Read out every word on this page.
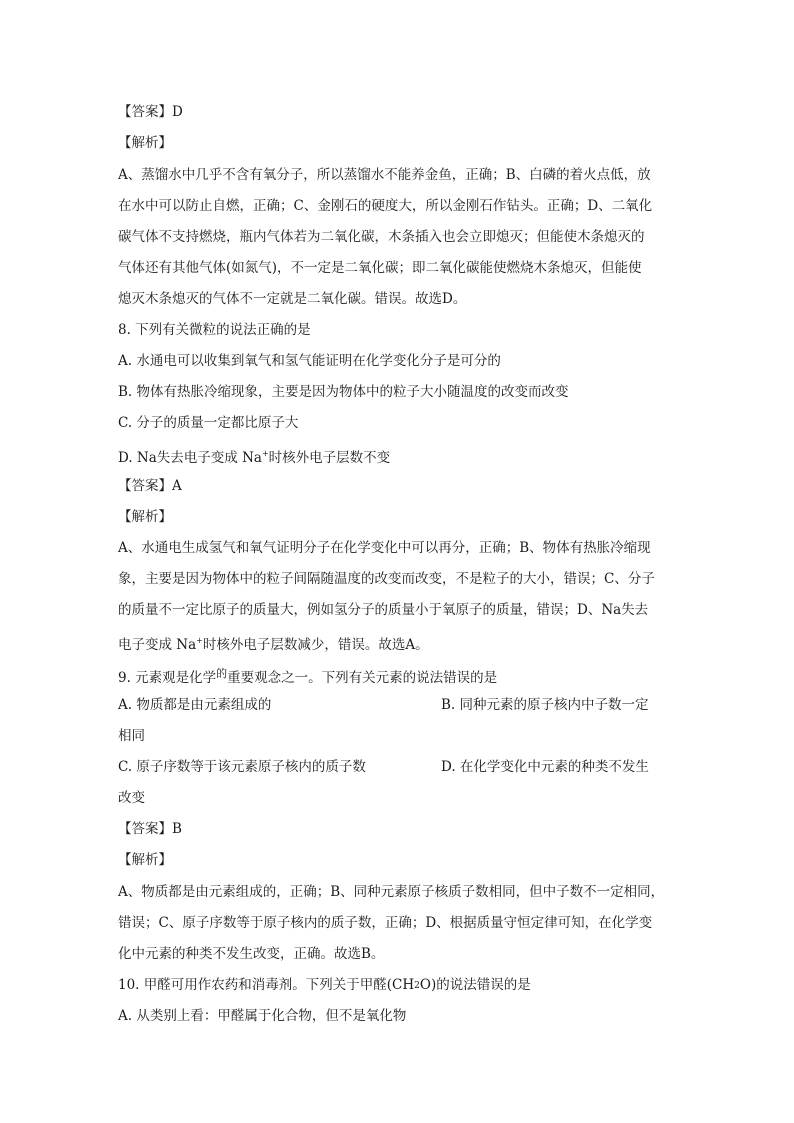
【答案】D
【解析】
A、蒸馏水中几乎不含有氧分子，所以蒸馏水不能养金鱼，正确；B、白磷的着火点低，放
在水中可以防止自燃，正确；C、金刚石的硬度大，所以金刚石作钻头。正确；D、二氧化
碳气体不支持燃烧，瓶内气体若为二氧化碳，木条插入也会立即熄灭；但能使木条熄灭的
气体还有其他气体(如氮气)，不一定是二氧化碳；即二氧化碳能使燃烧木条熄灭，但能使
熄灭木条熄灭的气体不一定就是二氧化碳。错误。故选D。
8. 下列有关微粒的说法正确的是
A. 水通电可以收集到氧气和氢气能证明在化学变化分子是可分的
B. 物体有热胀冷缩现象，主要是因为物体中的粒子大小随温度的改变而改变
C. 分子的质量一定都比原子大
D. Na失去电子变成 Na+时核外电子层数不变
【答案】A
【解析】
A、水通电生成氢气和氧气证明分子在化学变化中可以再分，正确；B、物体有热胀冷缩现
象，主要是因为物体中的粒子间隔随温度的改变而改变，不是粒子的大小，错误；C、分子
的质量不一定比原子的质量大，例如氢分子的质量小于氧原子的质量，错误；D、Na失去
电子变成 Na+时核外电子层数减少，错误。故选A。
9. 元素观是化学$^的$重要观念之一。下列有关元素的说法错误的是
A. 物质都是由元素组成的	B. 同种元素的原子核内中子数一定
相同
C. 原子序数等于该元素原子核内的质子数	D. 在化学变化中元素的种类不发生
改变
【答案】B
【解析】
A、物质都是由元素组成的，正确；B、同种元素原子核质子数相同，但中子数不一定相同，
错误；C、原子序数等于原子核内的质子数，正确；D、根据质量守恒定律可知，在化学变
化中元素的种类不发生改变，正确。故选B。
10. 甲醛可用作农药和消毒剂。下列关于甲醛(CH2O)的说法错误的是
A. 从类别上看：甲醛属于化合物，但不是氧化物
